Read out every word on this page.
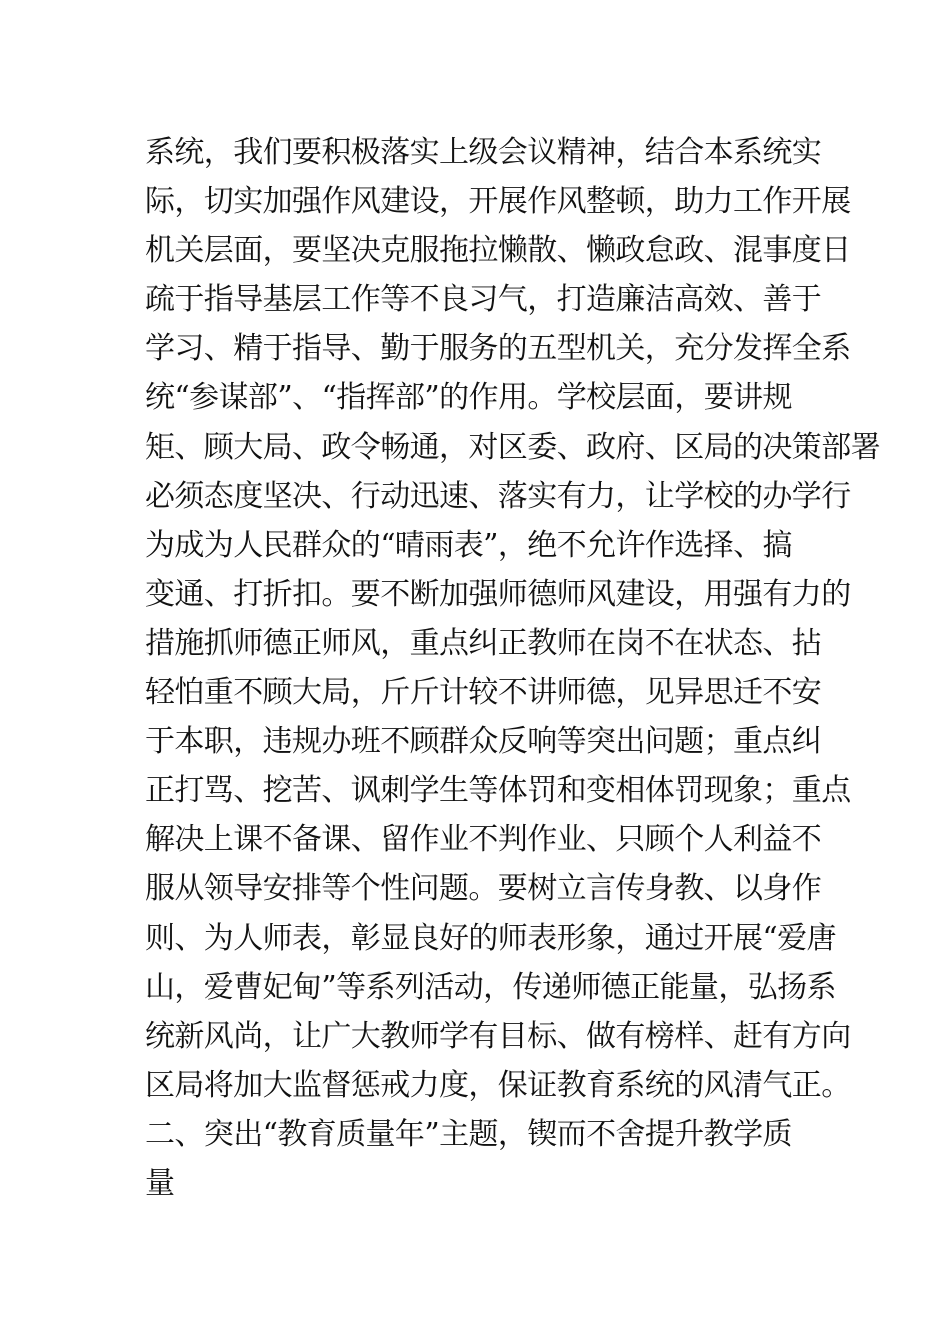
系统，我们要积极落实上级会议精神，结合本系统实
际，切实加强作风建设，开展作风整顿，助力工作开展
机关层面，要坚决克服拖拉懒散、懒政怠政、混事度日
疏于指导基层工作等不良习气，打造廉洁高效、善于
学习、精于指导、勤于服务的五型机关，充分发挥全系
统“参谋部”、“指挥部”的作用。学校层面，要讲规
矩、顾大局、政令畅通，对区委、政府、区局的决策部署
必须态度坚决、行动迅速、落实有力，让学校的办学行
为成为人民群众的“晴雨表”，绝不允许作选择、搞
变通、打折扣。要不断加强师德师风建设，用强有力的
措施抓师德正师风，重点纠正教师在岗不在状态、拈
轻怕重不顾大局，斤斤计较不讲师德，见异思迁不安
于本职，违规办班不顾群众反响等突出问题；重点纠
正打骂、挖苦、讽刺学生等体罚和变相体罚现象；重点
解决上课不备课、留作业不判作业、只顾个人利益不
服从领导安排等个性问题。要树立言传身教、以身作
则、为人师表，彰显良好的师表形象，通过开展“爱唐
山，爱曹妃甸”等系列活动，传递师德正能量，弘扬系
统新风尚，让广大教师学有目标、做有榜样、赶有方向
区局将加大监督惩戒力度，保证教育系统的风清气正。
二、突出“教育质量年”主题，锲而不舍提升教学质
量
